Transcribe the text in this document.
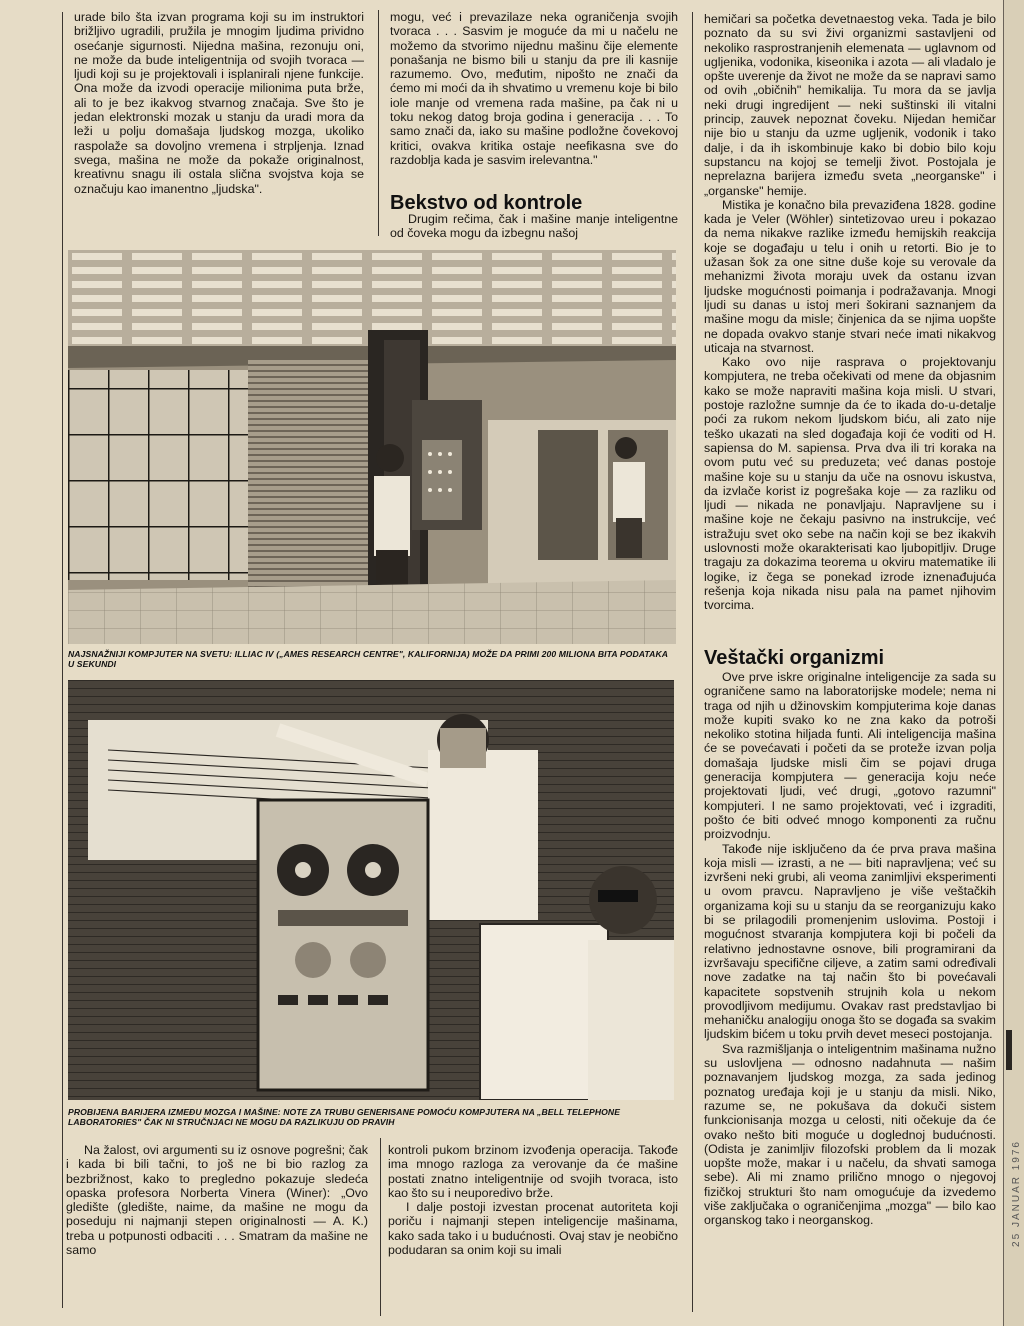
urade bilo šta izvan programa koji su im instruktori brižljivo ugradili, pružila je mnogim ljudima prividno osećanje sigurnosti. Nijedna mašina, rezonuju oni, ne može da bude inteligentnija od svojih tvoraca — ljudi koji su je projektovali i isplanirali njene funkcije. Ona može da izvodi operacije milionima puta brže, ali to je bez ikakvog stvarnog značaja. Sve što je jedan elektronski mozak u stanju da uradi mora da leži u polju domašaja ljudskog mozga, ukoliko raspolaže sa dovoljno vremena i strpljenja. Iznad svega, mašina ne može da pokaže originalnost, kreativnu snagu ili ostala slična svojstva koja se označuju kao imanentno „ljudska".

mogu, već i prevazilaze neka ograničenja svojih tvoraca . . . Sasvim je moguće da mi u načelu ne možemo da stvorimo nijednu mašinu čije elemente ponašanja ne bismo bili u stanju da pre ili kasnije razumemo. Ovo, međutim, nipošto ne znači da ćemo mi moći da ih shvatimo u vremenu koje bi bilo iole manje od vremena rada mašine, pa čak ni u toku nekog datog broja godina i generacija . . . To samo znači da, iako su mašine podložne čovekovoj kritici, ovakva kritika ostaje neefikasna sve do razdoblja kada je sasvim irelevantna."

Bekstvo od kontrole

Drugim rečima, čak i mašine manje inteligentne od čoveka mogu da izbegnu našoj

hemičari sa početka devetnaestog veka. Tada je bilo poznato da su svi živi organizmi sastavljeni od nekoliko rasprostranjenih elemenata — uglavnom od ugljenika, vodonika, kiseonika i azota — ali vladalo je opšte uverenje da život ne može da se napravi samo od ovih „običnih" hemikalija. Tu mora da se javlja neki drugi ingredijent — neki suštinski ili vitalni princip, zauvek nepoznat čoveku. Nijedan hemičar nije bio u stanju da uzme ugljenik, vodonik i tako dalje, i da ih iskombinuje kako bi dobio bilo koju supstancu na kojoj se temelji život. Postojala je neprelazna barijera između sveta „neorganske" i „organske" hemije.

Mistika je konačno bila prevaziđena 1828. godine kada je Veler (Wöhler) sintetizovao ureu i pokazao da nema nikakve razlike između hemijskih reakcija koje se događaju u telu i onih u retorti. Bio je to užasan šok za one sitne duše koje su verovale da mehanizmi života moraju uvek da ostanu izvan ljudske mogućnosti poimanja i podražavanja. Mnogi ljudi su danas u istoj meri šokirani saznanjem da mašine mogu da misle; činjenica da se njima uopšte ne dopada ovakvo stanje stvari neće imati nikakvog uticaja na stvarnost.

Kako ovo nije rasprava o projektovanju kompjutera, ne treba očekivati od mene da objasnim kako se može napraviti mašina koja misli. U stvari, postoje razložne sumnje da će to ikada do-u-detalje poći za rukom nekom ljudskom biću, ali zato nije teško ukazati na sled događaja koji će voditi od H. sapiensa do M. sapiensa. Prva dva ili tri koraka na ovom putu već su preduzeta; već danas postoje mašine koje su u stanju da uče na osnovu iskustva, da izvlače korist iz pogrešaka koje — za razliku od ljudi — nikada ne ponavljaju. Napravljene su i mašine koje ne čekaju pasivno na instrukcije, već istražuju svet oko sebe na način koji se bez ikakvih uslovnosti može okarakterisati kao ljubopitljiv. Druge tragaju za dokazima teorema u okviru matematike ili logike, iz čega se ponekad izrode iznenađujuća rešenja koja nikada nisu pala na pamet njihovim tvorcima.

Veštački organizmi

Ove prve iskre originalne inteligencije za sada su ograničene samo na laboratorijske modele; nema ni traga od njih u džinovskim kompjuterima koje danas može kupiti svako ko ne zna kako da potroši nekoliko stotina hiljada funti. Ali inteligencija mašina će se povećavati i početi da se proteže izvan polja domašaja ljudske misli čim se pojavi druga generacija kompjutera — generacija koju neće projektovati ljudi, već drugi, „gotovo razumni" kompjuteri. I ne samo projektovati, već i izgraditi, pošto će biti odveć mnogo komponenti za ručnu proizvodnju.

Takođe nije isključeno da će prva prava mašina koja misli — izrasti, a ne — biti napravljena; već su izvršeni neki grubi, ali veoma zanimljivi eksperimenti u ovom pravcu. Napravljeno je više veštačkih organizama koji su u stanju da se reorganizuju kako bi se prilagodili promenjenim uslovima. Postoji i mogućnost stvaranja kompjutera koji bi počeli da relativno jednostavne osnove, bili programirani da izvršavaju specifične ciljeve, a zatim sami određivali nove zadatke na taj način što bi povećavali kapacitete sopstvenih strujnih kola u nekom provodljivom medijumu. Ovakav rast predstavljao bi mehaničku analogiju onoga što se događa sa svakim ljudskim bićem u toku prvih devet meseci postojanja.

Sva razmišljanja o inteligentnim mašinama nužno su uslovljena — odnosno nadahnuta — našim poznavanjem ljudskog mozga, za sada jedinog poznatog uređaja koji je u stanju da misli. Niko, razume se, ne pokušava da dokuči sistem funkcionisanja mozga u celosti, niti očekuje da će ovako nešto biti moguće u doglednoj budućnosti. (Odista je zanimljiv filozofski problem da li mozak uopšte može, makar i u načelu, da shvati samoga sebe). Ali mi znamo prilično mnogo o njegovoj fizičkoj strukturi što nam omogućuje da izvedemo više zaključaka o ograničenjima „mozga" — bilo kao organskog tako i neorganskog.

NAJSNAŽNIJI KOMPJUTER NA SVETU: ILLIAC IV („AMES RESEARCH CENTRE", KALIFORNIJA) MOŽE DA PRIMI 200 MILIONA BITA PODATAKA U SEKUNDI
PROBIJENA BARIJERA IZMEĐU MOZGA I MAŠINE: NOTE ZA TRUBU GENERISANE POMOĆU KOMPJUTERA NA „BELL TELEPHONE LABORATORIES" ČAK NI STRUČNJACI NE MOGU DA RAZLIKUJU OD PRAVIH

Na žalost, ovi argumenti su iz osnove pogrešni; čak i kada bi bili tačni, to još ne bi bio razlog za bezbrižnost, kako to pregledno pokazuje sledeća opaska profesora Norberta Vinera (Winer): „Ovo gledište (gledište, naime, da mašine ne mogu da poseduju ni najmanji stepen originalnosti — A. K.) treba u potpunosti odbaciti . . . Smatram da mašine ne samo

kontroli pukom brzinom izvođenja operacija. Takođe ima mnogo razloga za verovanje da će mašine postati znatno inteligentnije od svojih tvoraca, isto kao što su i neuporedivo brže.

I dalje postoji izvestan procenat autoriteta koji poriču i najmanji stepen inteligencije mašinama, kako sada tako i u budućnosti. Ovaj stav je neobično podudaran sa onim koji su imali

25 JANUAR 1976
